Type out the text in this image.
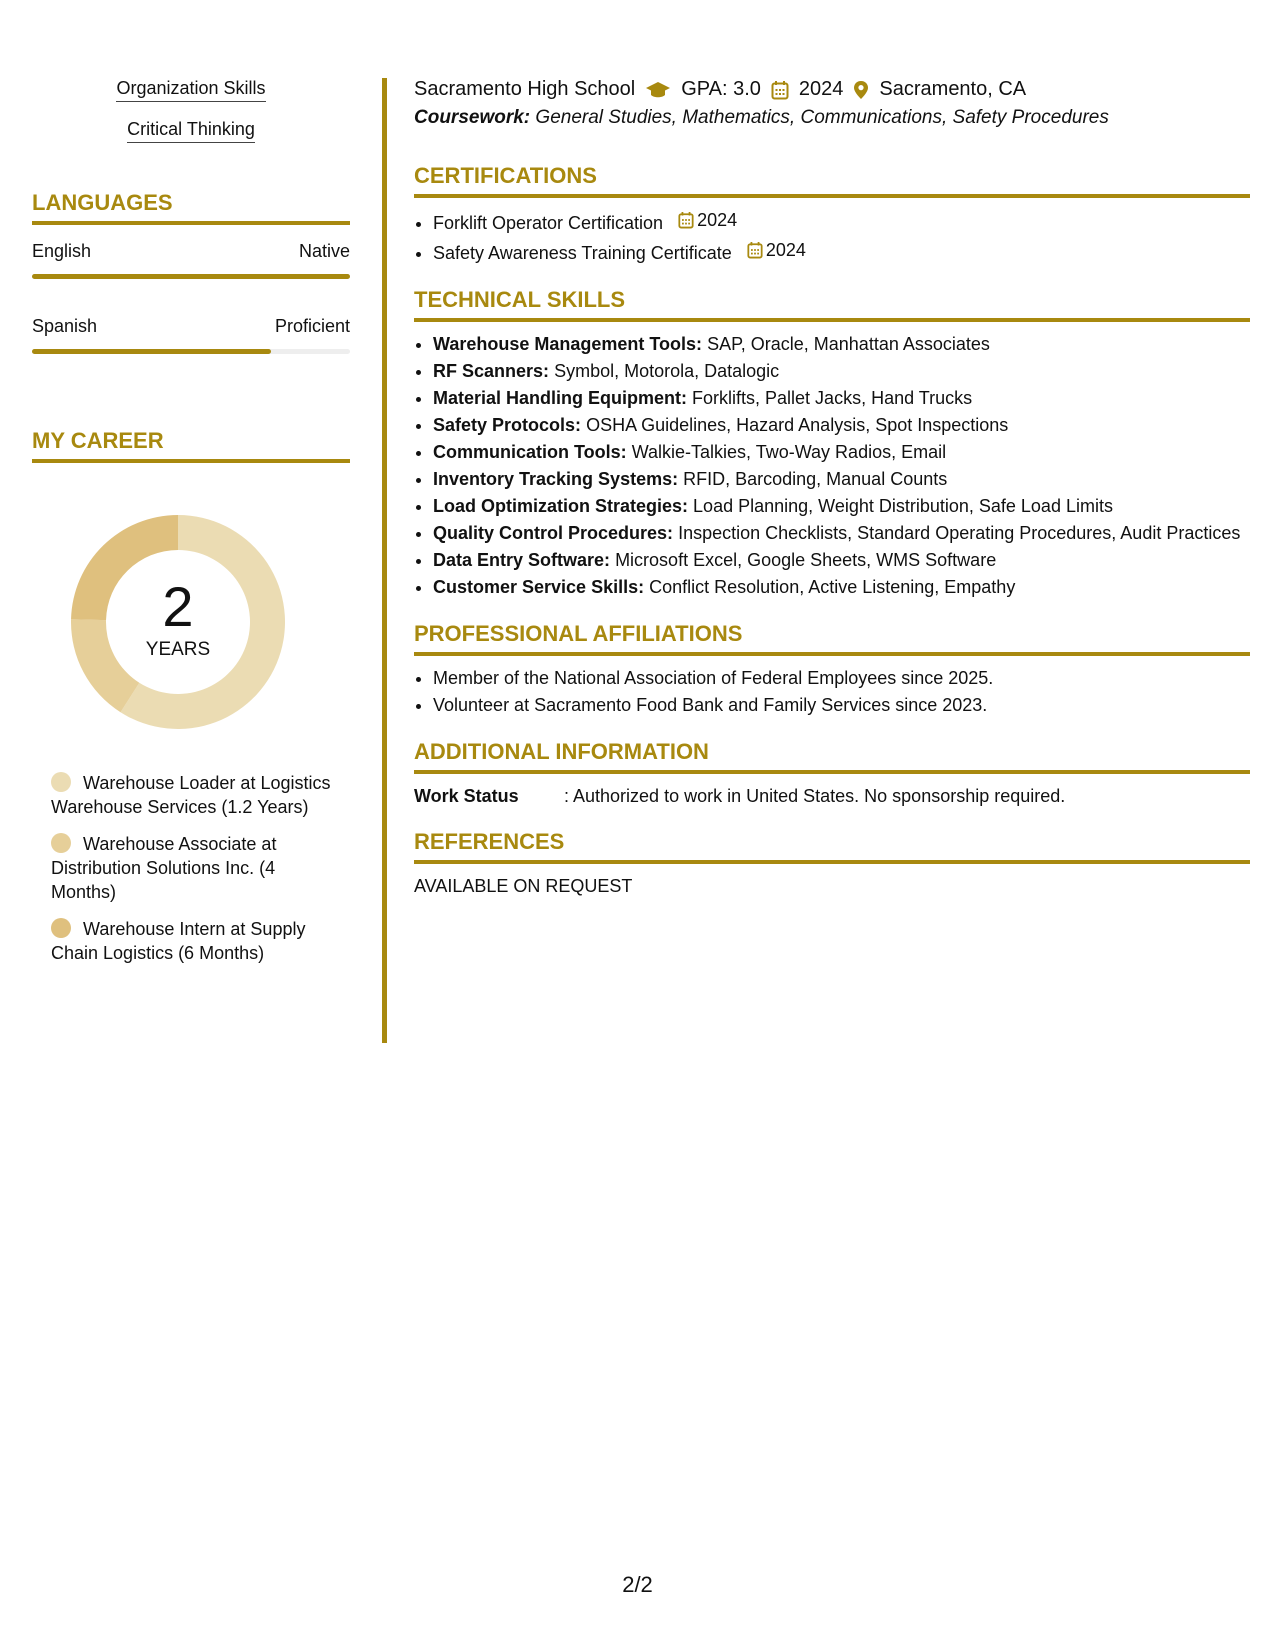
Organization Skills
Critical Thinking
LANGUAGES
English	Native
Spanish	Proficient
MY CAREER
2
YEARS
Warehouse Loader at Logistics Warehouse Services (1.2 Years)
Warehouse Associate at Distribution Solutions Inc. (4 Months)
Warehouse Intern at Supply Chain Logistics (6 Months)
Sacramento High School GPA: 3.0 2024 Sacramento, CA
Coursework: General Studies, Mathematics, Communications, Safety Procedures
CERTIFICATIONS
• Forklift Operator Certification 2024
• Safety Awareness Training Certificate 2024
TECHNICAL SKILLS
• Warehouse Management Tools: SAP, Oracle, Manhattan Associates
• RF Scanners: Symbol, Motorola, Datalogic
• Material Handling Equipment: Forklifts, Pallet Jacks, Hand Trucks
• Safety Protocols: OSHA Guidelines, Hazard Analysis, Spot Inspections
• Communication Tools: Walkie-Talkies, Two-Way Radios, Email
• Inventory Tracking Systems: RFID, Barcoding, Manual Counts
• Load Optimization Strategies: Load Planning, Weight Distribution, Safe Load Limits
• Quality Control Procedures: Inspection Checklists, Standard Operating Procedures, Audit Practices
• Data Entry Software: Microsoft Excel, Google Sheets, WMS Software
• Customer Service Skills: Conflict Resolution, Active Listening, Empathy
PROFESSIONAL AFFILIATIONS
• Member of the National Association of Federal Employees since 2025.
• Volunteer at Sacramento Food Bank and Family Services since 2023.
ADDITIONAL INFORMATION
Work Status	: Authorized to work in United States. No sponsorship required.
REFERENCES
AVAILABLE ON REQUEST
2/2
